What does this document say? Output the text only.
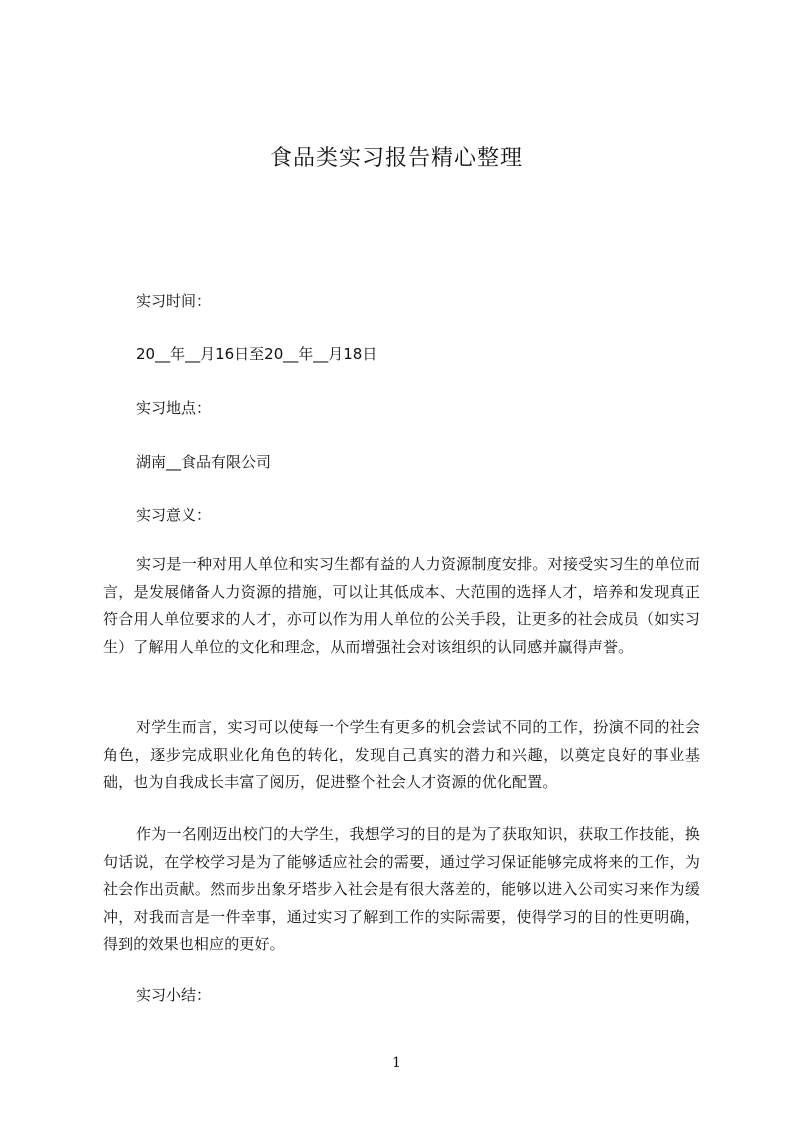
食品类实习报告精心整理
实习时间：
20__年__月16日至20__年__月18日
实习地点：
湖南__食品有限公司
实习意义：
实习是一种对用人单位和实习生都有益的人力资源制度安排。对接受实习生的单位而言，是发展储备人力资源的措施，可以让其低成本、大范围的选择人才，培养和发现真正符合用人单位要求的人才，亦可以作为用人单位的公关手段，让更多的社会成员（如实习生）了解用人单位的文化和理念，从而增强社会对该组织的认同感并赢得声誉。
对学生而言，实习可以使每一个学生有更多的机会尝试不同的工作，扮演不同的社会角色，逐步完成职业化角色的转化，发现自己真实的潜力和兴趣，以奠定良好的事业基础，也为自我成长丰富了阅历，促进整个社会人才资源的优化配置。
作为一名刚迈出校门的大学生，我想学习的目的是为了获取知识，获取工作技能，换句话说，在学校学习是为了能够适应社会的需要，通过学习保证能够完成将来的工作，为社会作出贡献。然而步出象牙塔步入社会是有很大落差的，能够以进入公司实习来作为缓冲，对我而言是一件幸事，通过实习了解到工作的实际需要，使得学习的目的性更明确，得到的效果也相应的更好。
实习小结：
1
